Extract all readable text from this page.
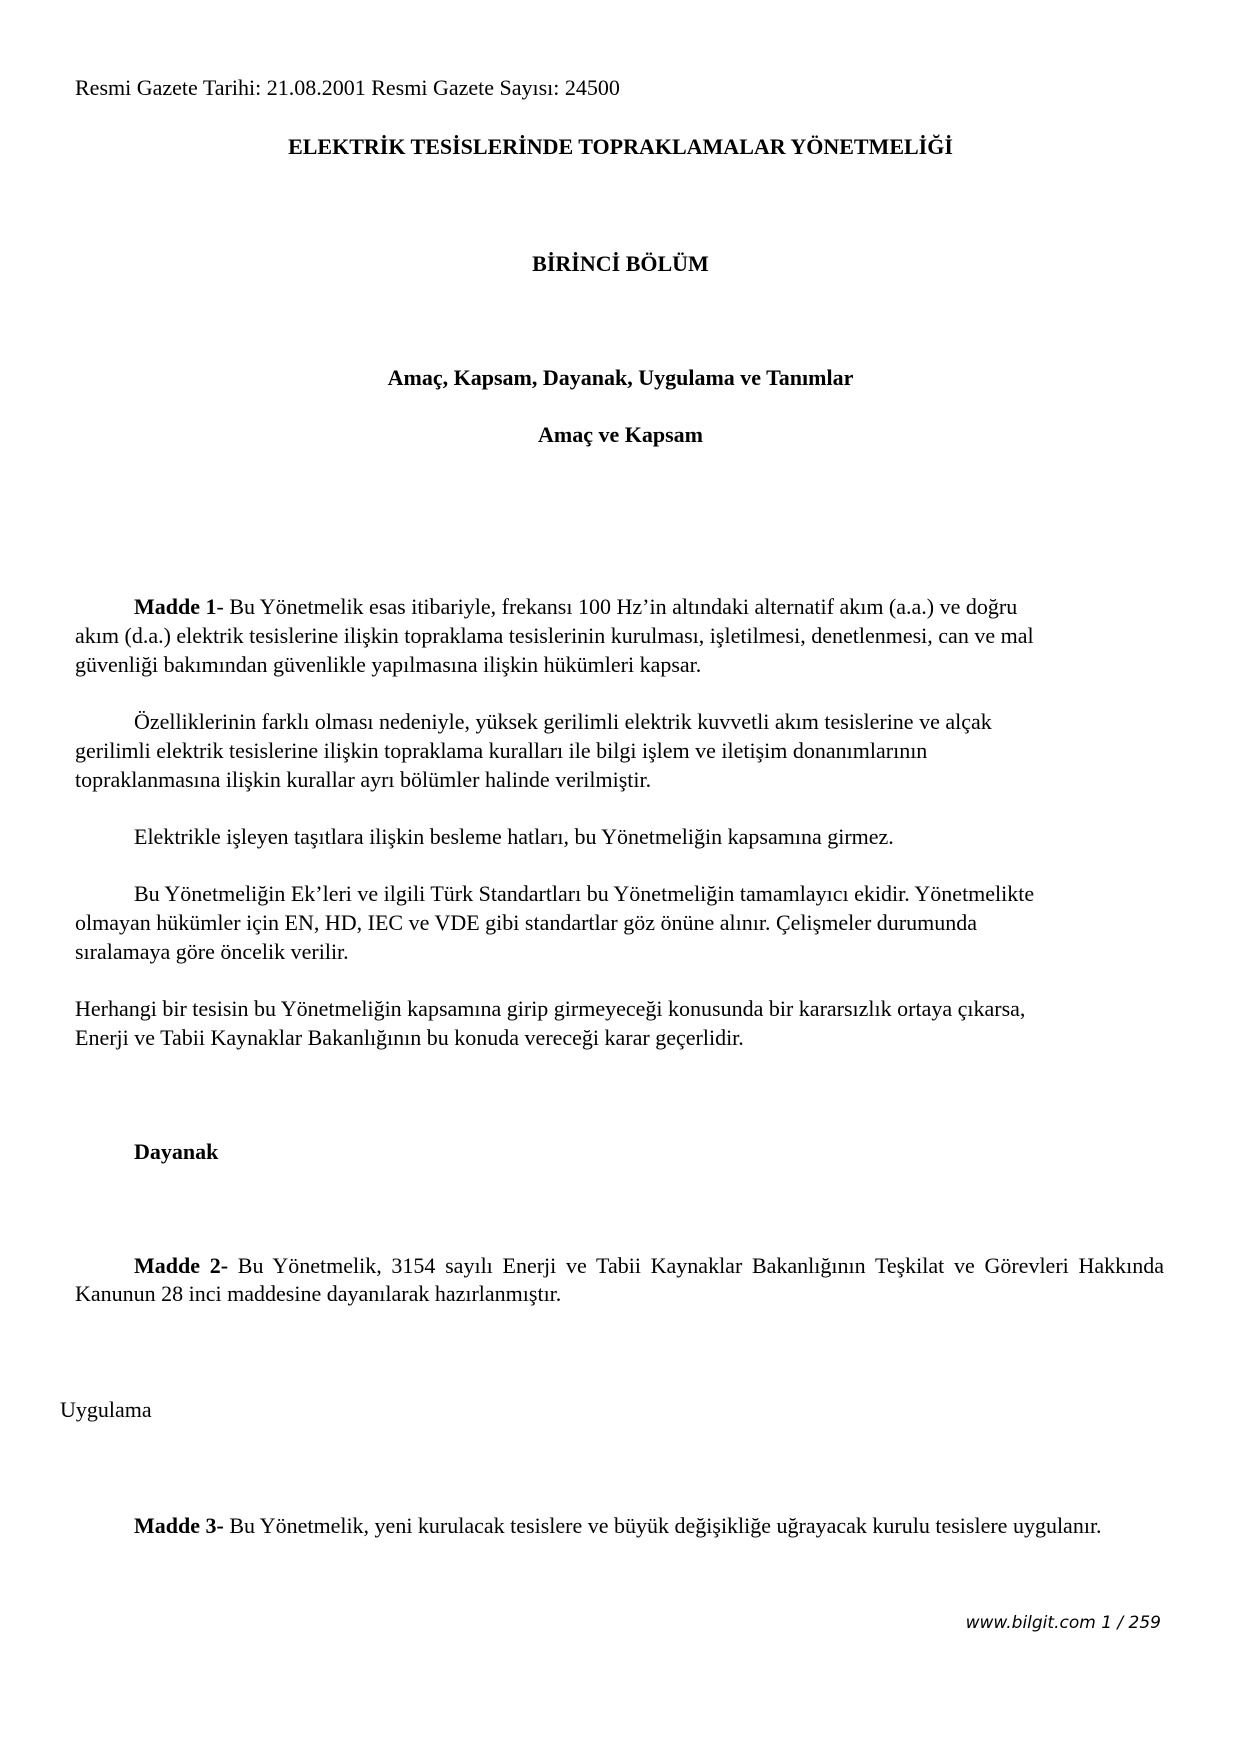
Resmi Gazete Tarihi: 21.08.2001 Resmi Gazete Sayısı: 24500

ELEKTRİK TESİSLERİNDE TOPRAKLAMALAR YÖNETMELİĞİ

BİRİNCİ BÖLÜM

Amaç, Kapsam, Dayanak, Uygulama ve Tanımlar

Amaç ve Kapsam

Madde 1- Bu Yönetmelik esas itibariyle, frekansı 100 Hz’in altındaki alternatif akım (a.a.) ve doğru

akım (d.a.) elektrik tesislerine ilişkin topraklama tesislerinin kurulması, işletilmesi, denetlenmesi, can ve mal

güvenliği bakımından güvenlikle yapılmasına ilişkin hükümleri kapsar.

Özelliklerinin farklı olması nedeniyle, yüksek gerilimli elektrik kuvvetli akım tesislerine ve alçak

gerilimli elektrik tesislerine ilişkin topraklama kuralları ile bilgi işlem ve iletişim donanımlarının

topraklanmasına ilişkin kurallar ayrı bölümler halinde verilmiştir.

Elektrikle işleyen taşıtlara ilişkin besleme hatları, bu Yönetmeliğin kapsamına girmez.

Bu Yönetmeliğin Ek’leri ve ilgili Türk Standartları bu Yönetmeliğin tamamlayıcı ekidir. Yönetmelikte

olmayan hükümler için EN, HD, IEC ve VDE gibi standartlar göz önüne alınır. Çelişmeler durumunda

sıralamaya göre öncelik verilir.

Herhangi bir tesisin bu Yönetmeliğin kapsamına girip girmeyeceği konusunda bir kararsızlık ortaya çıkarsa,

Enerji ve Tabii Kaynaklar Bakanlığının bu konuda vereceği karar geçerlidir.

Dayanak

Madde 2- Bu Yönetmelik, 3154 sayılı Enerji ve Tabii Kaynaklar Bakanlığının Teşkilat ve Görevleri Hakkında Kanunun 28 inci maddesine dayanılarak hazırlanmıştır.

Uygulama

Madde 3- Bu Yönetmelik, yeni kurulacak tesislere ve büyük değişikliğe uğrayacak kurulu tesislere uygulanır.

www.bilgit.com 1 / 259
